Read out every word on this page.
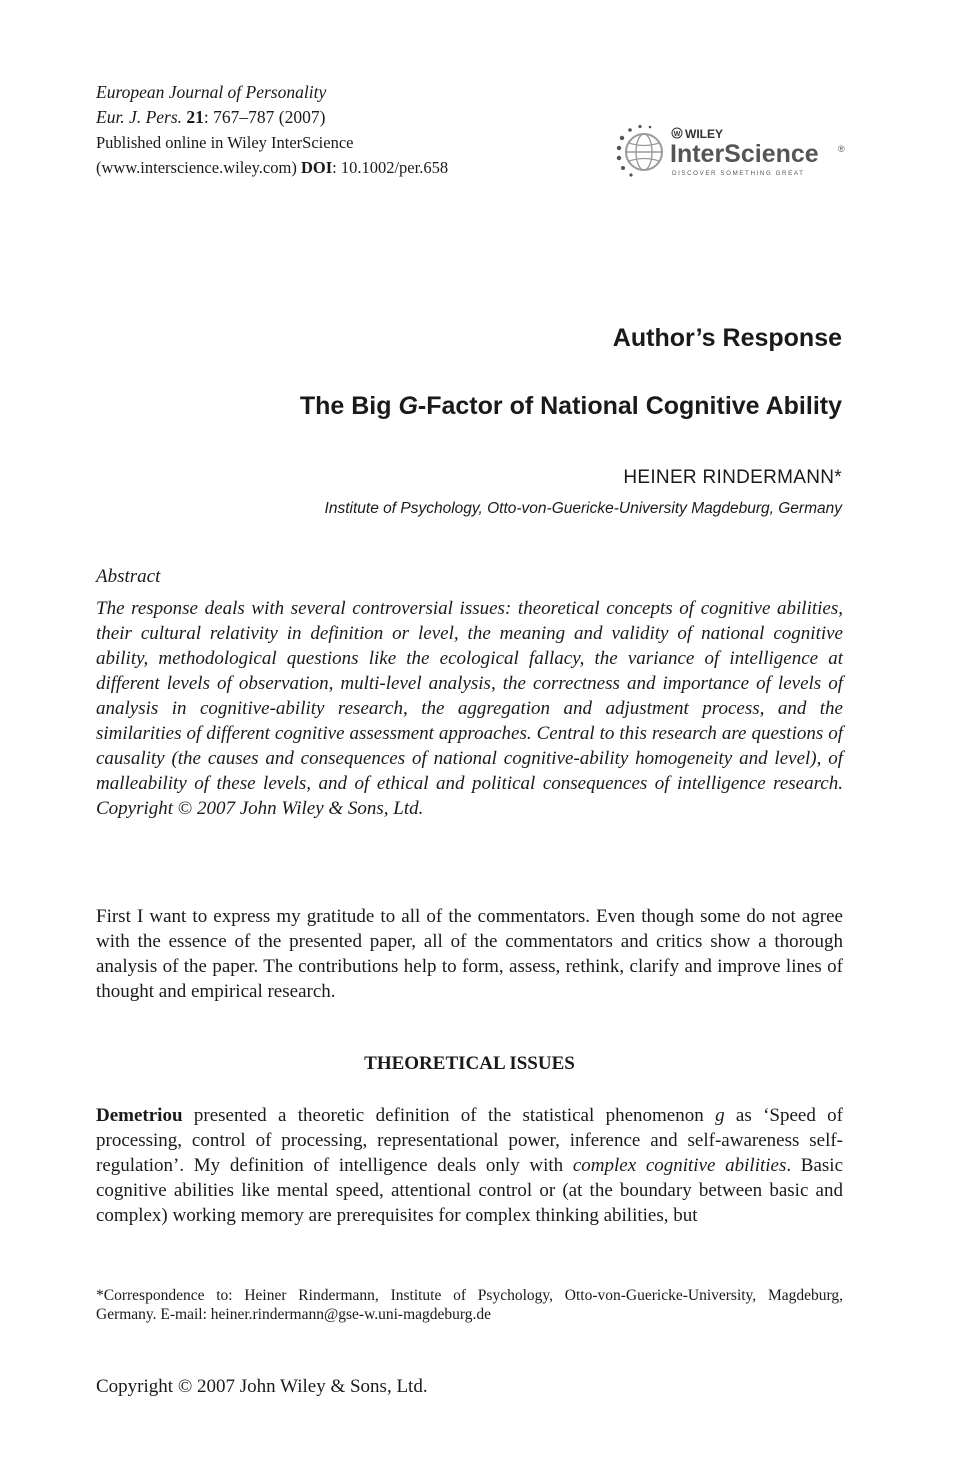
European Journal of Personality
Eur. J. Pers. 21: 767–787 (2007)
Published online in Wiley InterScience
(www.interscience.wiley.com) DOI: 10.1002/per.658
W WILEY
InterScience ®
DISCOVER SOMETHING GREAT
Author’s Response
The Big G-Factor of National Cognitive Ability
HEINER RINDERMANN*
Institute of Psychology, Otto-von-Guericke-University Magdeburg, Germany
Abstract
The response deals with several controversial issues: theoretical concepts of cognitive abilities, their cultural relativity in definition or level, the meaning and validity of national cognitive ability, methodological questions like the ecological fallacy, the variance of intelligence at different levels of observation, multi-level analysis, the correctness and importance of levels of analysis in cognitive-ability research, the aggregation and adjustment process, and the similarities of different cognitive assessment approaches. Central to this research are questions of causality (the causes and consequences of national cognitive-ability homogeneity and level), of malleability of these levels, and of ethical and political consequences of intelligence research. Copyright © 2007 John Wiley & Sons, Ltd.
First I want to express my gratitude to all of the commentators. Even though some do not agree with the essence of the presented paper, all of the commentators and critics show a thorough analysis of the paper. The contributions help to form, assess, rethink, clarify and improve lines of thought and empirical research.
THEORETICAL ISSUES
Demetriou presented a theoretic definition of the statistical phenomenon g as ‘Speed of processing, control of processing, representational power, inference and self-awareness self-regulation’. My definition of intelligence deals only with complex cognitive abilities. Basic cognitive abilities like mental speed, attentional control or (at the boundary between basic and complex) working memory are prerequisites for complex thinking abilities, but
*Correspondence to: Heiner Rindermann, Institute of Psychology, Otto-von-Guericke-University, Magdeburg, Germany. E-mail: heiner.rindermann@gse-w.uni-magdeburg.de
Copyright © 2007 John Wiley & Sons, Ltd.
